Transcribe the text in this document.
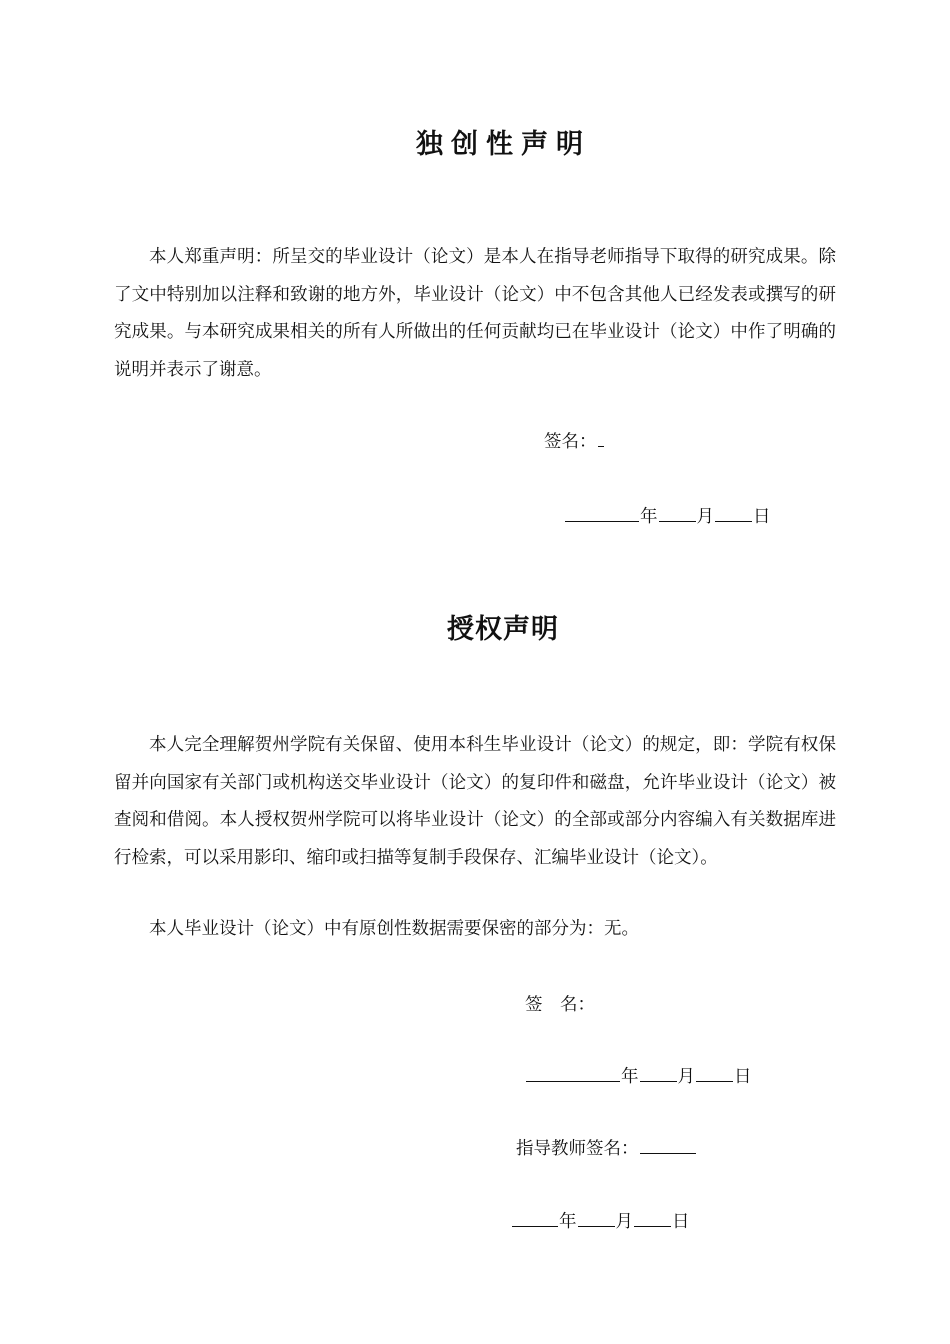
独创性声明

本人郑重声明：所呈交的毕业设计（论文）是本人在指导老师指导下取得的研究成果。除了文中特别加以注释和致谢的地方外，毕业设计（论文）中不包含其他人已经发表或撰写的研究成果。与本研究成果相关的所有人所做出的任何贡献均已在毕业设计（论文）中作了明确的说明并表示了谢意。

签名：
年 月 日
授权声明

本人完全理解贺州学院有关保留、使用本科生毕业设计（论文）的规定，即：学院有权保留并向国家有关部门或机构送交毕业设计（论文）的复印件和磁盘，允许毕业设计（论文）被查阅和借阅。本人授权贺州学院可以将毕业设计（论文）的全部或部分内容编入有关数据库进行检索，可以采用影印、缩印或扫描等复制手段保存、汇编毕业设计（论文）。

本人毕业设计（论文）中有原创性数据需要保密的部分为：无。

签　名：
年 月 日
指导教师签名：
年 月 日
